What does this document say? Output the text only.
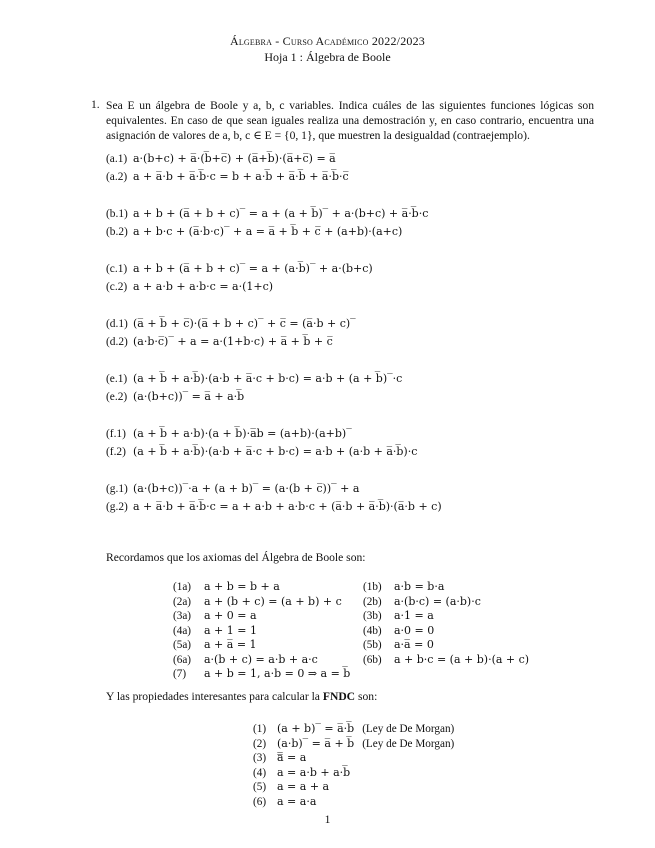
Álgebra - Curso Académico 2022/2023
Hoja 1 : Álgebra de Boole
1. Sea E un álgebra de Boole y a, b, c variables. Indica cuáles de las siguientes funciones lógicas son equivalentes. En caso de que sean iguales realiza una demostración y, en caso contrario, encuentra una asignación de valores de a, b, c ∈ E = {0, 1}, que muestren la desigualdad (contraejemplo).
(a.1) a·(b+c) + a̅·(b̅+c̅) + (a̅+b̅)·(a̅+c̅) = a̅
(a.2) a + a̅·b + a̅·b̅·c = b + a·b̅ + a̅·b̅ + a̅·b̅·c̅
(b.1) a + b + (a̅ + b + c)‾ = a + (a + b̅)‾ + a·(b+c) + a̅·b̅·c
(b.2) a + b·c + (a̅·b·c)‾ + a = a̅ + b̅ + c̅ + (a+b)·(a+c)
(c.1) a + b + (a̅ + b + c)‾ = a + (a·b̅)‾ + a·(b+c)
(c.2) a + a·b + a·b·c = a·(1+c)
(d.1) (a̅ + b̅ + c̅)·(a̅ + b + c)‾ + c̅ = (a̅·b + c)‾
(d.2) (a·b·c̅)‾ + a = a·(1+b·c) + a̅ + b̅ + c̅
(e.1) (a + b̅ + a·b̅)·(a·b + a̅·c + b·c) = a·b + (a + b̅)‾·c
(e.2) (a·(b+c))‾ = a̅ + a·b̅
(f.1) (a + b̅ + a·b)·(a + b̅)·a̅b = (a+b)·(a+b)‾
(f.2) (a + b̅ + a·b̅)·(a·b + a̅·c + b·c) = a·b + (a·b + a̅·b̅)·c
(g.1) (a·(b+c))‾·a + (a + b)‾ = (a·(b + c̅))‾ + a
(g.2) a + a̅·b + a̅·b̅·c = a + a·b + a·b·c + (a̅·b + a̅·b̅)·(a̅·b + c)
Recordamos que los axiomas del Álgebra de Boole son:
(1a) a + b = b + a
(2a) a + (b + c) = (a + b) + c
(3a) a + 0 = a
(4a) a + 1 = 1
(5a) a + a̅ = 1
(6a) a·(b + c) = a·b + a·c
(7) a + b = 1, a·b = 0 ⇒ a = b̅
(1b) a·b = b·a
(2b) a·(b·c) = (a·b)·c
(3b) a·1 = a
(4b) a·0 = 0
(5b) a·a̅ = 0
(6b) a + b·c = (a + b)·(a + c)
Y las propiedades interesantes para calcular la FNDC son:
(1) (a + b)‾ = a̅·b̅ (Ley de De Morgan)
(2) (a·b)‾ = a̅ + b̅ (Ley de De Morgan)
(3) a̿ = a
(4) a = a·b + a·b̅
(5) a = a + a
(6) a = a·a
1
